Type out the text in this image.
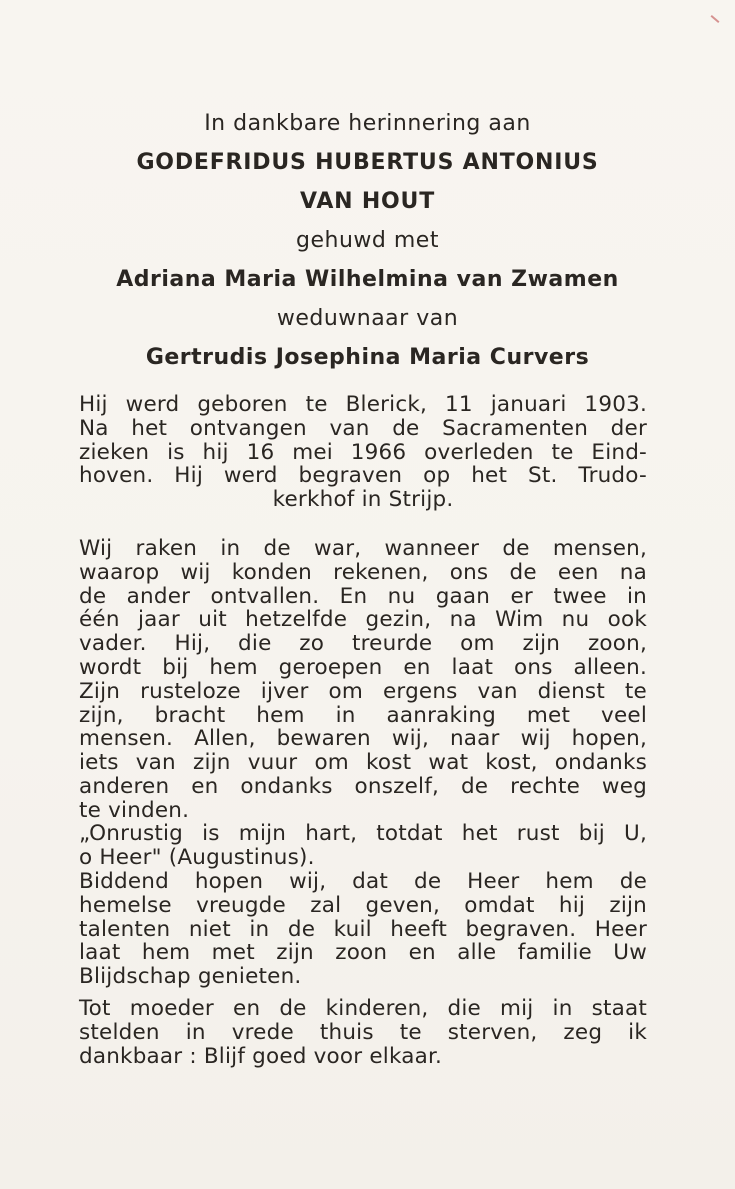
In dankbare herinnering aan
GODEFRIDUS HUBERTUS ANTONIUS
VAN HOUT
gehuwd met
Adriana Maria Wilhelmina van Zwamen
weduwnaar van
Gertrudis Josephina Maria Curvers
Hij werd geboren te Blerick, 11 januari 1903.
Na het ontvangen van de Sacramenten der
zieken is hij 16 mei 1966 overleden te Eind-
hoven. Hij werd begraven op het St. Trudo-
kerkhof in Strijp.
Wij raken in de war, wanneer de mensen,
waarop wij konden rekenen, ons de een na
de ander ontvallen. En nu gaan er twee in
één jaar uit hetzelfde gezin, na Wim nu ook
vader. Hij, die zo treurde om zijn zoon,
wordt bij hem geroepen en laat ons alleen.
Zijn rusteloze ijver om ergens van dienst te
zijn, bracht hem in aanraking met veel
mensen. Allen, bewaren wij, naar wij hopen,
iets van zijn vuur om kost wat kost, ondanks
anderen en ondanks onszelf, de rechte weg
te vinden.
„Onrustig is mijn hart, totdat het rust bij U,
o Heer" (Augustinus).
Biddend hopen wij, dat de Heer hem de
hemelse vreugde zal geven, omdat hij zijn
talenten niet in de kuil heeft begraven. Heer
laat hem met zijn zoon en alle familie Uw
Blijdschap genieten.
Tot moeder en de kinderen, die mij in staat
stelden in vrede thuis te sterven, zeg ik
dankbaar : Blijf goed voor elkaar.
